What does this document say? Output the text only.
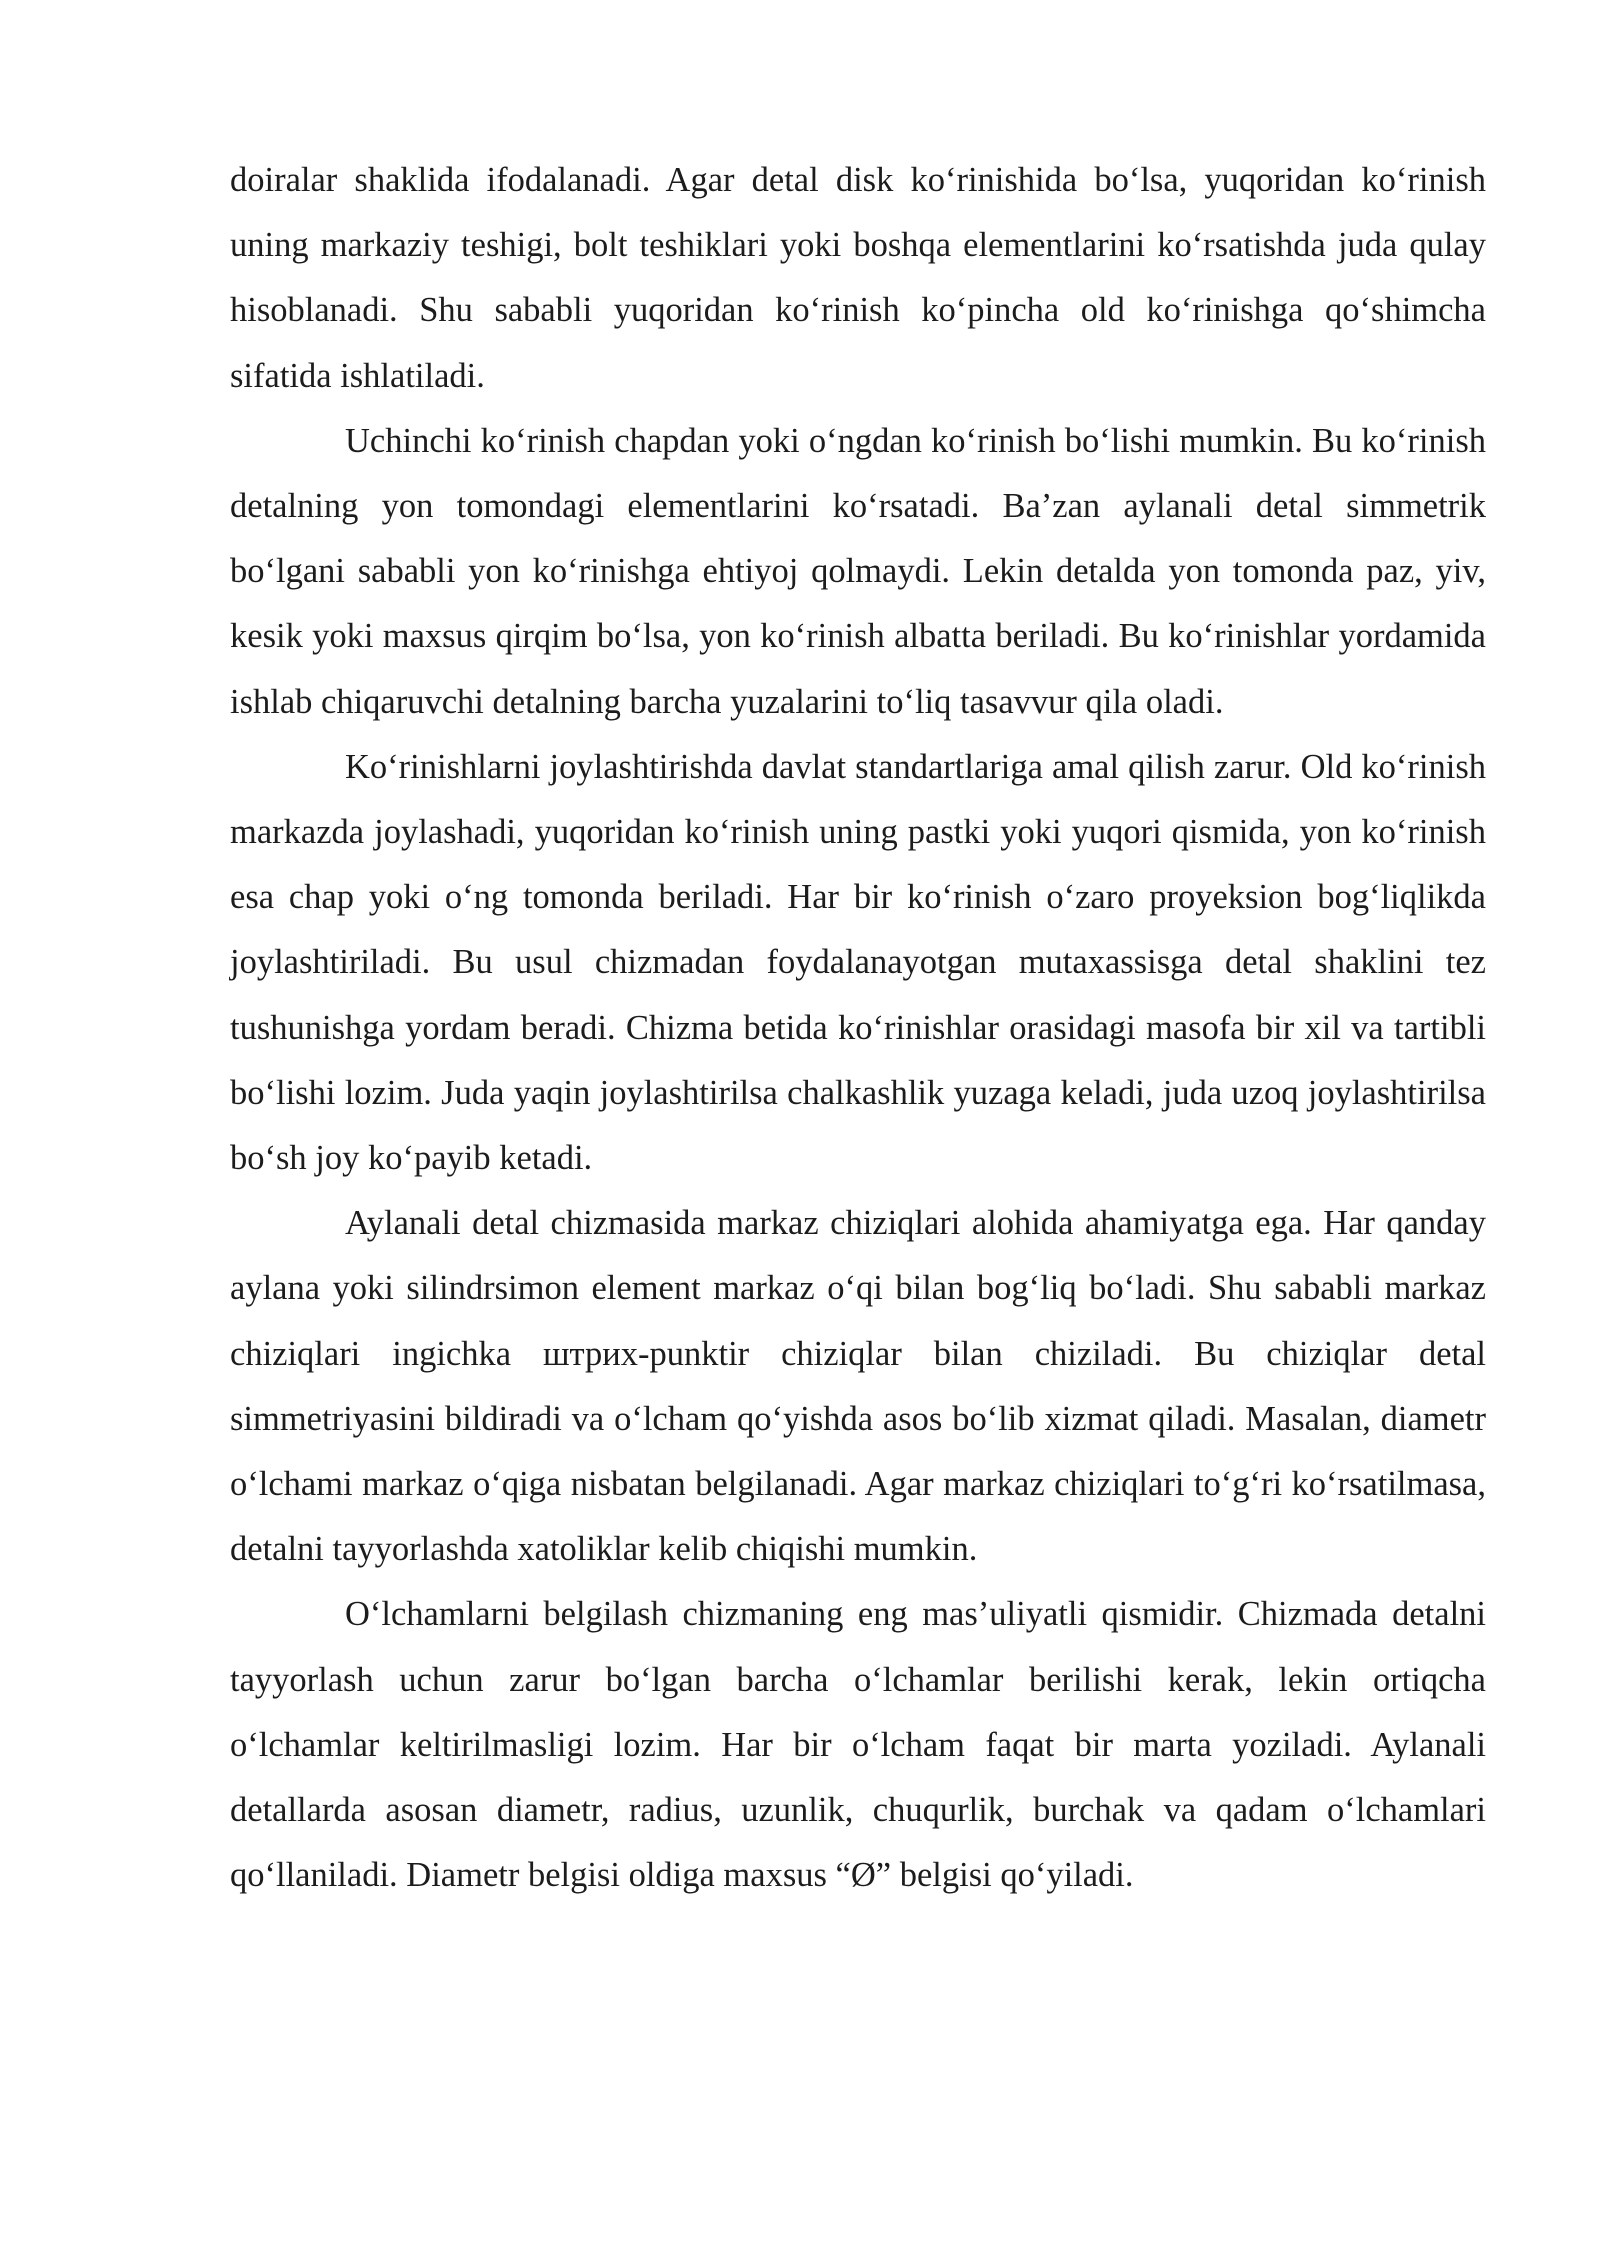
doiralar shaklida ifodalanadi. Agar detal disk ko‘rinishida bo‘lsa, yuqoridan ko‘rinish uning markaziy teshigi, bolt teshiklari yoki boshqa elementlarini ko‘rsatishda juda qulay hisoblanadi. Shu sababli yuqoridan ko‘rinish ko‘pincha old ko‘rinishga qo‘shimcha sifatida ishlatiladi.

Uchinchi ko‘rinish chapdan yoki o‘ngdan ko‘rinish bo‘lishi mumkin. Bu ko‘rinish detalning yon tomondagi elementlarini ko‘rsatadi. Ba’zan aylanali detal simmetrik bo‘lgani sababli yon ko‘rinishga ehtiyoj qolmaydi. Lekin detalda yon tomonda paz, yiv, kesik yoki maxsus qirqim bo‘lsa, yon ko‘rinish albatta beriladi. Bu ko‘rinishlar yordamida ishlab chiqaruvchi detalning barcha yuzalarini to‘liq tasavvur qila oladi.

Ko‘rinishlarni joylashtirishda davlat standartlariga amal qilish zarur. Old ko‘rinish markazda joylashadi, yuqoridan ko‘rinish uning pastki yoki yuqori qismida, yon ko‘rinish esa chap yoki o‘ng tomonda beriladi. Har bir ko‘rinish o‘zaro proyeksion bog‘liqlikda joylashtiriladi. Bu usul chizmadan foydalanayotgan mutaxassisga detal shaklini tez tushunishga yordam beradi. Chizma betida ko‘rinishlar orasidagi masofa bir xil va tartibli bo‘lishi lozim. Juda yaqin joylashtirilsa chalkashlik yuzaga keladi, juda uzoq joylashtirilsa bo‘sh joy ko‘payib ketadi.

Aylanali detal chizmasida markaz chiziqlari alohida ahamiyatga ega. Har qanday aylana yoki silindrsimon element markaz o‘qi bilan bog‘liq bo‘ladi. Shu sababli markaz chiziqlari ingichka штрих-punktir chiziqlar bilan chiziladi. Bu chiziqlar detal simmetriyasini bildiradi va o‘lcham qo‘yishda asos bo‘lib xizmat qiladi. Masalan, diametr o‘lchami markaz o‘qiga nisbatan belgilanadi. Agar markaz chiziqlari to‘g‘ri ko‘rsatilmasa, detalni tayyorlashda xatoliklar kelib chiqishi mumkin.

O‘lchamlarni belgilash chizmaning eng mas’uliyatli qismidir. Chizmada detalni tayyorlash uchun zarur bo‘lgan barcha o‘lchamlar berilishi kerak, lekin ortiqcha o‘lchamlar keltirilmasligi lozim. Har bir o‘lcham faqat bir marta yoziladi. Aylanali detallarda asosan diametr, radius, uzunlik, chuqurlik, burchak va qadam o‘lchamlari qo‘llaniladi. Diametr belgisi oldiga maxsus “Ø” belgisi qo‘yiladi.
